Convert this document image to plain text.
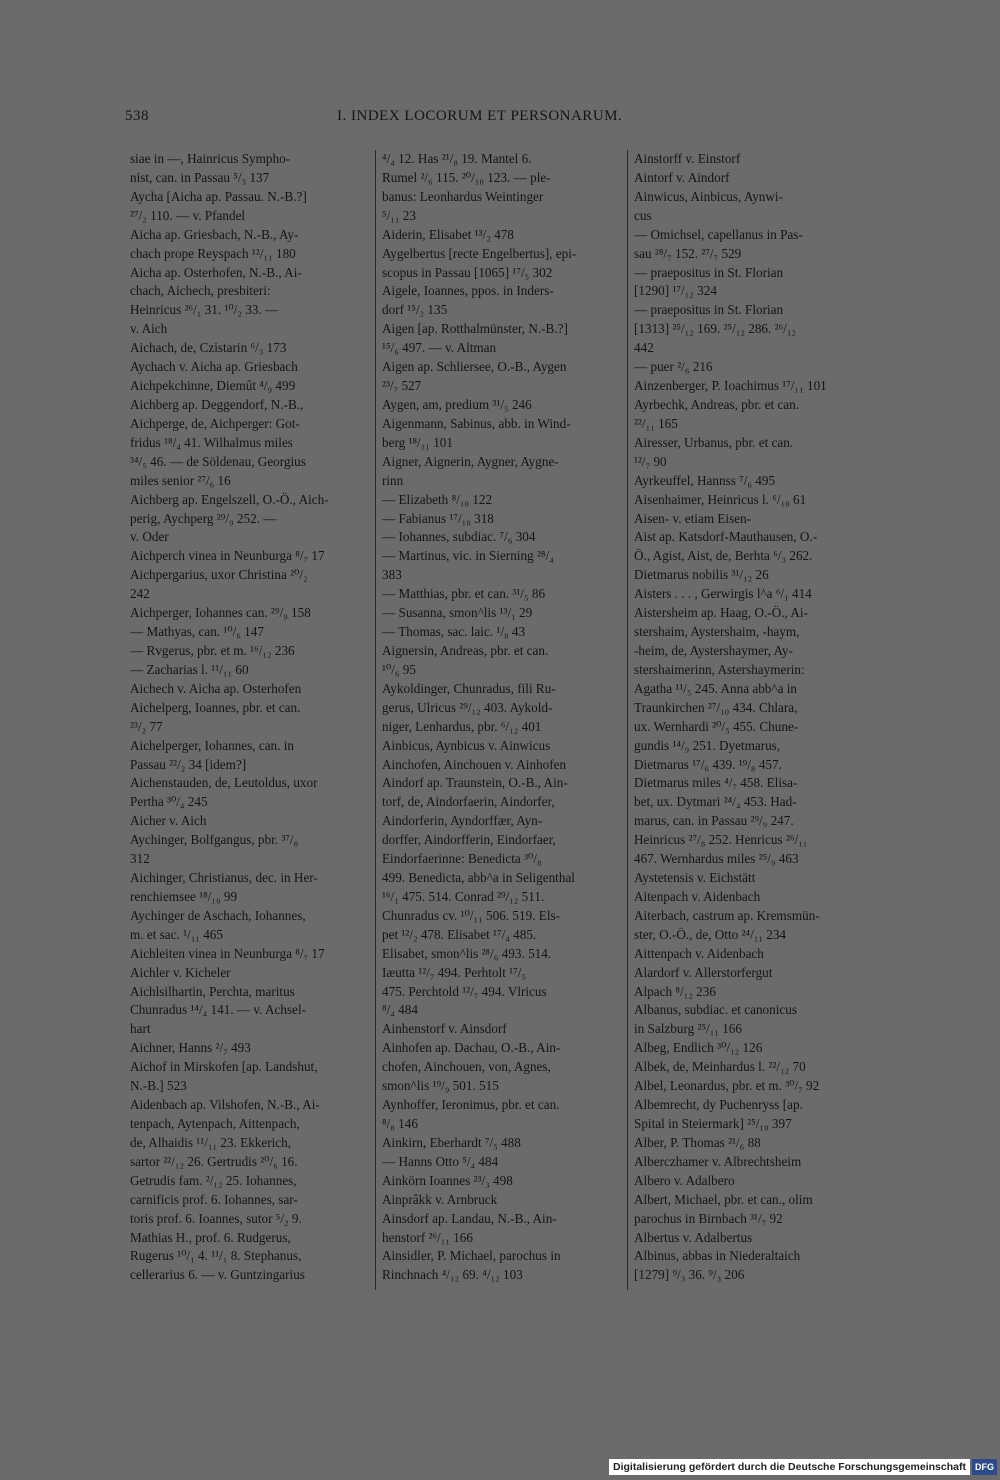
538	I. INDEX LOCORUM ET PERSONARUM.

siae in —, Hainricus Sympho-

nist, can. in Passau ⁵/₃ 137

Aycha [Aicha ap. Passau. N.-B.?]

²⁷/₂ 110. — v. Pfandel

Aicha ap. Griesbach, N.-B., Ay-

chach prope Reyspach ¹²/₁₁ 180

Aicha ap. Osterhofen, N.-B., Ai-

chach, Aichech, presbiteri:

Heinricus ²⁶/₁ 31. ¹⁰/₂ 33. —

v. Aich

Aichach, de, Czistarin ⁶/₃ 173

Aychach v. Aicha ap. Griesbach

Aichpekchinne, Diemût ⁴/₉ 499

Aichberg ap. Deggendorf, N.-B.,

Aichperge, de, Aichperger: Got-

fridus ¹⁸/₄ 41. Wilhalmus miles

³⁴/₅ 46. — de Söldenau, Georgius

miles senior ²⁷/₆ 16

Aichberg ap. Engelszell, O.-Ö., Aich-

perig, Aychperg ²⁹/₉ 252. —

v. Oder

Aichperch vinea in Neunburga ⁸/₇ 17

Aichpergarius, uxor Christina ²⁰/₂

242

Aichperger, Iohannes can. ²⁹/₉ 158

— Mathyas, can. ¹⁰/₆ 147

— Rvgerus, pbr. et m. ¹⁶/₁₂ 236

— Zacharias l. ¹¹/₁₁ 60

Aichech v. Aicha ap. Osterhofen

Aichelperg, Ioannes, pbr. et can.

²³/₂ 77

Aichelperger, Iohannes, can. in

Passau ²²/₂ 34 [idem?]

Aichenstauden, de, Leutoldus, uxor

Pertha ³⁰/₄ 245

Aicher v. Aich

Aychinger, Bolfgangus, pbr. ³⁷/₈

312

Aichinger, Christianus, dec. in Her-

renchiemsee ¹⁸/₁₀ 99

Aychinger de Aschach, Iohannes,

m. et sac. ¹/₁₁ 465

Aichleiten vinea in Neunburga ⁸/₇ 17

Aichler v. Kicheler

Aichlsilhartin, Perchta, maritus

Chunradus ¹⁴/₄ 141. — v. Achsel-

hart

Aichner, Hanns ²/₇ 493

Aichof in Mirskofen [ap. Landshut,

N.-B.] 523

Aidenbach ap. Vilshofen, N.-B., Ai-

tenpach, Aytenpach, Aittenpach,

de, Alhaidis ¹¹/₁₁ 23. Ekkerich,

sartor ²²/₁₂ 26. Gertrudis ²⁰/₆ 16.

Getrudis fam. ²/₁₂ 25. Iohannes,

carnificis prof. 6. Iohannes, sar-

toris prof. 6. Ioannes, sutor ⁵/₂ 9.

Mathias H., prof. 6. Rudgerus,

Rugerus ¹⁰/₁ 4. ¹¹/₁ 8. Stephanus,

cellerarius 6. — v. Guntzingarius

⁴/₄ 12. Has ²¹/₈ 19. Mantel 6.

Rumel ²/₆ 115. ²⁰/₁₀ 123. — ple-

banus: Leonhardus Weintinger

⁵/₁₁ 23

Aiderin, Elisabet ¹³/₂ 478

Aygelbertus [recte Engelbertus], epi-

scopus in Passau [1065] ¹⁷/₅ 302

Aigele, Ioannes, ppos. in Inders-

dorf ¹⁵/₂ 135

Aigen [ap. Rotthalmünster, N.-B.?]

¹⁵/₆ 497. — v. Altman

Aigen ap. Schliersee, O.-B., Aygen

²³/₇ 527

Aygen, am, predium ³¹/₅ 246

Aigenmann, Sabinus, abb. in Wind-

berg ¹⁸/₁₁ 101

Aigner, Aignerin, Aygner, Aygne-

rinn

— Elizabeth ⁸/₁₀ 122

— Fabianus ¹⁷/₁₀ 318

— Iohannes, subdiac. ⁷/₆ 304

— Martinus, vic. in Sierning ²⁸/₄

383

— Matthias, pbr. et can. ³¹/₅ 86

— Susanna, smon^lis ¹³/₁ 29

— Thomas, sac. laic. ¹/₈ 43

Aignersin, Andreas, pbr. et can.

¹⁰/₆ 95

Aykoldinger, Chunradus, fili Ru-

gerus, Ulricus ²⁹/₁₂ 403. Aykold-

niger, Lenhardus, pbr. ⁶/₁₂ 401

Ainbicus, Aynbicus v. Ainwicus

Ainchofen, Ainchouen v. Ainhofen

Aindorf ap. Traunstein, O.-B., Ain-

torf, de, Aindorfaerin, Aindorfer,

Aindorferin, Ayndorffær, Ayn-

dorffer, Aindorfferin, Eindorfaer,

Eindorfaerinne: Benedicta ³⁰/₈

499. Benedicta, abb^a in Seligenthal

¹⁶/₁ 475. 514. Conrad ²⁹/₁₂ 511.

Chunradus cv. ¹⁰/₁₁ 506. 519. Els-

pet ¹²/₂ 478. Elisabet ¹⁷/₄ 485.

Elisabet, smon^lis ²⁸/₆ 493. 514.

Iæutta ¹²/₇ 494. Perhtolt ¹⁷/₅

475. Perchtold ¹²/₇ 494. Vlricus

⁸/₄ 484

Ainhenstorf v. Ainsdorf

Ainhofen ap. Dachau, O.-B., Ain-

chofen, Ainchouen, von, Agnes,

smon^lis ¹⁹/₉ 501. 515

Aynhoffer, Ieronimus, pbr. et can.

⁸/₈ 146

Ainkirn, Eberhardt ⁷/₅ 488

— Hanns Otto ⁵/₄ 484

Ainkörn Ioannes ²³/₃ 498

Ainprâkk v. Arnbruck

Ainsdorf ap. Landau, N.-B., Ain-

henstorf ²⁶/₁₁ 166

Ainsidler, P. Michael, parochus in

Rinchnach ⁴/₁₂ 69. ⁴/₁₂ 103

Ainstorff v. Einstorf

Aintorf v. Aindorf

Ainwicus, Ainbicus, Aynwi-

cus

— Omichsel, capellanus in Pas-

sau ²⁸/₇ 152. ²⁷/₇ 529

— praepositus in St. Florian

[1290] ¹⁷/₁₂ 324

— praepositus in St. Florian

[1313] ²⁵/₁₂ 169. ²⁵/₁₂ 286. ²⁶/₁₂

442

— puer ²/₆ 216

Ainzenberger, P. Ioachimus ¹⁷/₁₁ 101

Ayrbechk, Andreas, pbr. et can.

²²/₁₁ 165

Airesser, Urbanus, pbr. et can.

¹²/₇ 90

Ayrkeuffel, Hannss ⁷/₆ 495

Aisenhaimer, Heinricus l. ⁶/₁₀ 61

Aisen- v. etiam Eisen-

Aist ap. Katsdorf-Mauthausen, O.-

Ö., Agist, Aist, de, Berhta ⁶/₃ 262.

Dietmarus nobilis ³¹/₁₂ 26

Aisters . . . , Gerwirgis l^a ⁶/₁ 414

Aistersheim ap. Haag, O.-Ö., Ai-

stershaim, Aystershaim, -haym,

-heim, de, Aystershaymer, Ay-

stershaimerinn, Astershaymerin:

Agatha ¹¹/₅ 245. Anna abb^a in

Traunkirchen ²⁷/₁₀ 434. Chlara,

ux. Wernhardi ²⁰/₅ 455. Chune-

gundis ¹⁴/₉ 251. Dyetmarus,

Dietmarus ¹⁷/₆ 439. ¹⁹/₈ 457.

Dietmarus miles ⁴/₇ 458. Elisa-

bet, ux. Dytmari ²⁴/₄ 453. Had-

marus, can. in Passau ²⁹/₉ 247.

Heinricus ²⁷/₈ 252. Henricus ²⁶/₁₁

467. Wernhardus miles ²⁵/₉ 463

Aystetensis v. Eichstätt

Aitenpach v. Aidenbach

Aiterbach, castrum ap. Kremsmün-

ster, O.-Ö., de, Otto ²⁴/₁₁ 234

Aittenpach v. Aidenbach

Alardorf v. Allerstorfergut

Alpach ⁸/₁₂ 236

Albanus, subdiac. et canonicus

in Salzburg ²⁵/₁₁ 166

Albeg, Endlich ³⁰/₁₂ 126

Albek, de, Meinhardus l. ²²/₁₂ 70

Albel, Leonardus, pbr. et m. ³⁰/₇ 92

Albemrecht, dy Puchenryss [ap.

Spital in Steiermark] ²⁵/₁₀ 397

Alber, P. Thomas ²¹/₆ 88

Alberczhamer v. Albrechtsheim

Albero v. Adalbero

Albert, Michael, pbr. et can., olim

parochus in Birnbach ³¹/₇ 92

Albertus v. Adalbertus

Albinus, abbas in Niederaltaich

[1279] ⁹/₃ 36. ⁹/₃ 206

Digitalisierung gefördert durch die Deutsche Forschungsgemeinschaft	DFG
